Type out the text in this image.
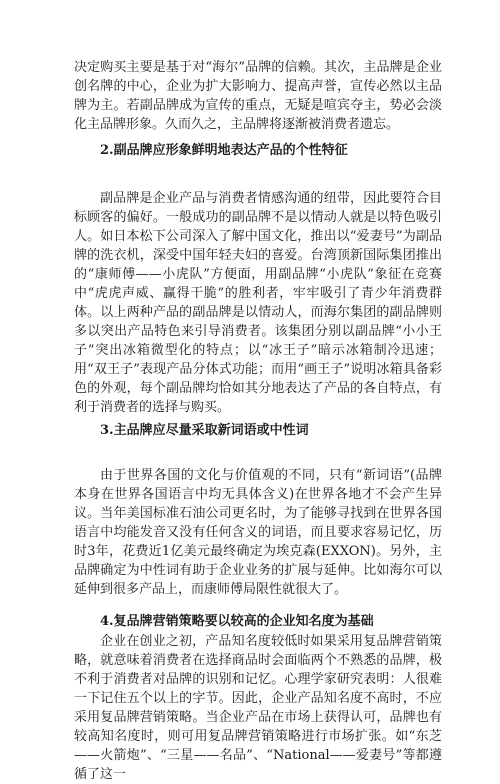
决定购买主要是基于对“海尔”品牌的信赖。其次，主品牌是企业创名牌的中心，企业为扩大影响力、提高声誉，宣传必然以主品牌为主。若副品牌成为宣传的重点，无疑是喧宾夺主，势必会淡化主品牌形象。久而久之，主品牌将逐渐被消费者遗忘。

2.副品牌应形象鲜明地表达产品的个性特征

副品牌是企业产品与消费者情感沟通的纽带，因此要符合目标顾客的偏好。一般成功的副品牌不是以情动人就是以特色吸引人。如日本松下公司深入了解中国文化，推出以“爱妻号”为副品牌的洗衣机，深受中国年轻夫妇的喜爱。台湾顶新国际集团推出的“康师傅——小虎队”方便面，用副品牌“小虎队”象征在竞赛中“虎虎声威、赢得干脆”的胜利者，牢牢吸引了青少年消费群体。以上两种产品的副品牌是以情动人，而海尔集团的副品牌则多以突出产品特色来引导消费者。该集团分别以副品牌“小小王子”突出冰箱微型化的特点；以“冰王子”暗示冰箱制冷迅速；用“双王子”表现产品分体式功能；而用“画王子”说明冰箱具备彩色的外观，每个副品牌均恰如其分地表达了产品的各自特点，有利于消费者的选择与购买。

3.主品牌应尽量采取新词语或中性词

由于世界各国的文化与价值观的不同，只有“新词语”(品牌本身在世界各国语言中均无具体含义)在世界各地才不会产生异议。当年美国标准石油公司更名时，为了能够寻找到在世界各国语言中均能发音又没有任何含义的词语，而且要求容易记忆，历时3年，花费近1亿美元最终确定为埃克森(EXXON)。另外，主品牌确定为中性词有助于企业业务的扩展与延伸。比如海尔可以延伸到很多产品上，而康师傅局限性就很大了。

4.复品牌营销策略要以较高的企业知名度为基础

企业在创业之初，产品知名度较低时如果采用复品牌营销策略，就意味着消费者在选择商品时会面临两个不熟悉的品牌，极不利于消费者对品牌的识别和记忆。心理学家研究表明：人很难一下记住五个以上的字节。因此，企业产品知名度不高时，不应采用复品牌营销策略。当企业产品在市场上获得认可，品牌也有较高知名度时，则可用复品牌营销策略进行市场扩张。如“东芝——火箭炮”、“三星——名品”、“National——爱妻号”等都遵循了这一
